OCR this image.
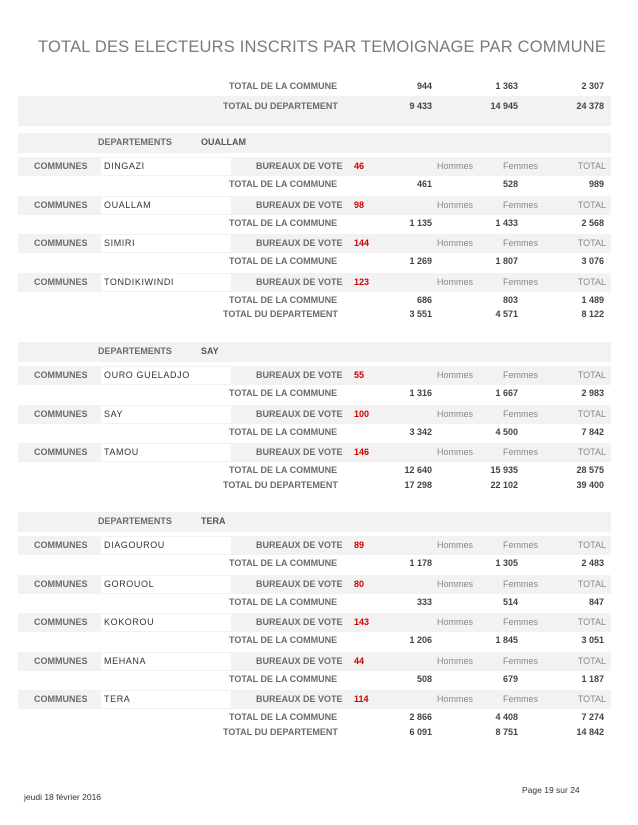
TOTAL DES ELECTEURS INSCRITS PAR TEMOIGNAGE PAR COMMUNE
TOTAL DE LA COMMUNE	944	1 363	2 307
TOTAL DU DEPARTEMENT	9 433	14 945	24 378
DEPARTEMENTS	OUALLAM
COMMUNES DINGAZI	BUREAUX DE VOTE 46	Hommes	Femmes	TOTAL
TOTAL DE LA COMMUNE	461	528	989
COMMUNES OUALLAM	BUREAUX DE VOTE 98	Hommes	Femmes	TOTAL
TOTAL DE LA COMMUNE	1 135	1 433	2 568
COMMUNES SIMIRI	BUREAUX DE VOTE 144	Hommes	Femmes	TOTAL
TOTAL DE LA COMMUNE	1 269	1 807	3 076
COMMUNES TONDIKIWINDI	BUREAUX DE VOTE 123	Hommes	Femmes	TOTAL
TOTAL DE LA COMMUNE	686	803	1 489
TOTAL DU DEPARTEMENT	3 551	4 571	8 122
DEPARTEMENTS	SAY
COMMUNES OURO GUELADJO	BUREAUX DE VOTE 55	Hommes	Femmes	TOTAL
TOTAL DE LA COMMUNE	1 316	1 667	2 983
COMMUNES SAY	BUREAUX DE VOTE 100	Hommes	Femmes	TOTAL
TOTAL DE LA COMMUNE	3 342	4 500	7 842
COMMUNES TAMOU	BUREAUX DE VOTE 146	Hommes	Femmes	TOTAL
TOTAL DE LA COMMUNE	12 640	15 935	28 575
TOTAL DU DEPARTEMENT	17 298	22 102	39 400
DEPARTEMENTS	TERA
COMMUNES DIAGOUROU	BUREAUX DE VOTE 89	Hommes	Femmes	TOTAL
TOTAL DE LA COMMUNE	1 178	1 305	2 483
COMMUNES GOROUOL	BUREAUX DE VOTE 80	Hommes	Femmes	TOTAL
TOTAL DE LA COMMUNE	333	514	847
COMMUNES KOKOROU	BUREAUX DE VOTE 143	Hommes	Femmes	TOTAL
TOTAL DE LA COMMUNE	1 206	1 845	3 051
COMMUNES MEHANA	BUREAUX DE VOTE 44	Hommes	Femmes	TOTAL
TOTAL DE LA COMMUNE	508	679	1 187
COMMUNES TERA	BUREAUX DE VOTE 114	Hommes	Femmes	TOTAL
TOTAL DE LA COMMUNE	2 866	4 408	7 274
TOTAL DU DEPARTEMENT	6 091	8 751	14 842
jeudi 18 février 2016
Page 19 sur 24
